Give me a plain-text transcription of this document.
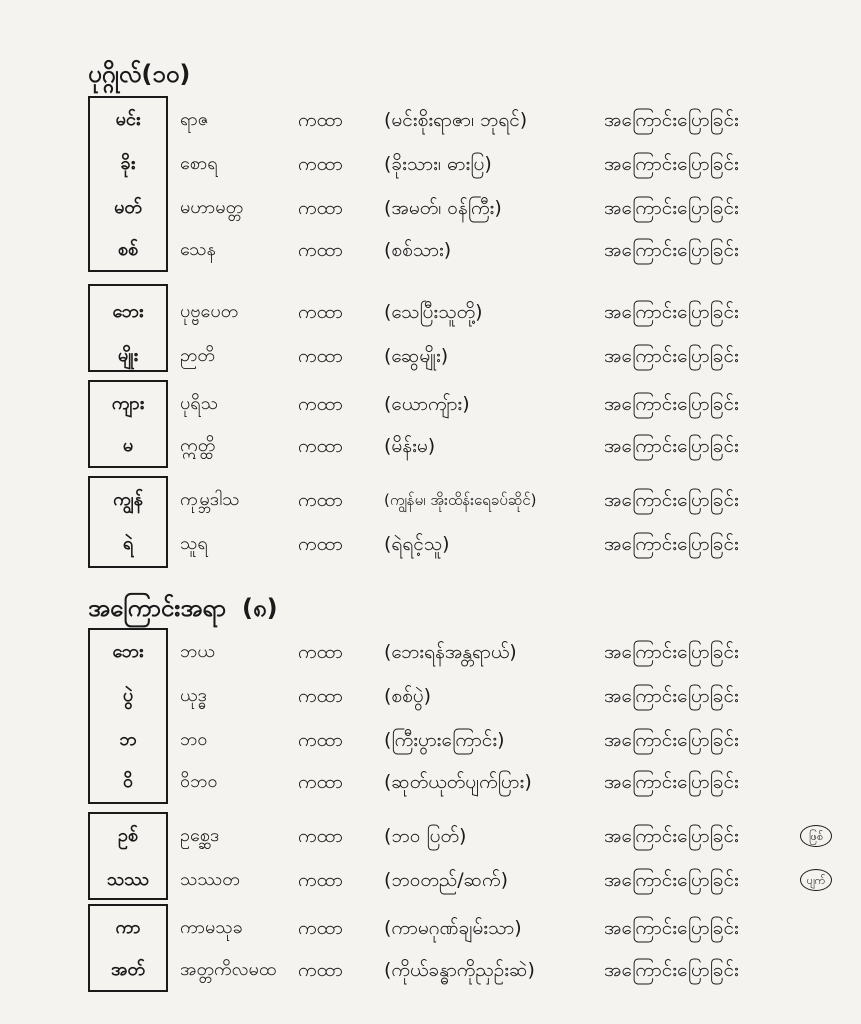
ပုဂ္ဂိုလ်(၁၀)
မင်း	ရာဇ	ကထာ (မင်းစိုးရာဇာ၊ ဘုရင်)	အကြောင်းပြောခြင်း
ခိုး	စောရ	ကထာ (ခိုးသား၊ ဓားပြ)	အကြောင်းပြောခြင်း
မတ်	မဟာမတ္တ	ကထာ (အမတ်၊ ဝန်ကြီး)	အကြောင်းပြောခြင်း
စစ်	သေန	ကထာ (စစ်သား)	အကြောင်းပြောခြင်း
ဘေး	ပုဗ္ဗပေတ	ကထာ (သေပြီးသူတို့)	အကြောင်းပြောခြင်း
မျိုး	ဉာတိ	ကထာ (ဆွေမျိုး)	အကြောင်းပြောခြင်း
ကျား	ပုရိသ	ကထာ (ယောကျ်ား)	အကြောင်းပြောခြင်း
မ	ဣတ္ထိ	ကထာ (မိန်းမ)	အကြောင်းပြောခြင်း
ကျွန်	ကုမ္ဘဒါသ	ကထာ	(ကျွန်မ၊ အိုးထိန်းရေခပ်ဆိုင်)	အကြောင်းပြောခြင်း
ရဲ	သူရ	ကထာ (ရဲရင့်သူ)	အကြောင်းပြောခြင်း
အကြောင်းအရာ (၈)
ဘေး	ဘယ	ကထာ (ဘေးရန်အန္တရာယ်)	အကြောင်းပြောခြင်း
ပွဲ	ယုဒ္ဓ	ကထာ (စစ်ပွဲ)	အကြောင်းပြောခြင်း
ဘ	ဘဝ	ကထာ (ကြီးပွားကြောင်း)	အကြောင်းပြောခြင်း
ဝိ	ဝိဘဝ	ကထာ (ဆုတ်ယုတ်ပျက်ပြား)	အကြောင်းပြောခြင်း
ဥစ်	ဥစ္ဆေဒ	ကထာ (ဘဝ ပြတ်)	အကြောင်းပြောခြင်း	ဖြစ်
သဿ	သဿတ	ကထာ (ဘဝတည်/ဆက်)	အကြောင်းပြောခြင်း	ပျက်
ကာ	ကာမသုခ	ကထာ (ကာမဂုဏ်ချမ်းသာ)	အကြောင်းပြောခြင်း
အတ်	အတ္တကိလမထ ကထာ (ကိုယ်ခန္ဓာကိုညှဉ်းဆဲ)	အကြောင်းပြောခြင်း
